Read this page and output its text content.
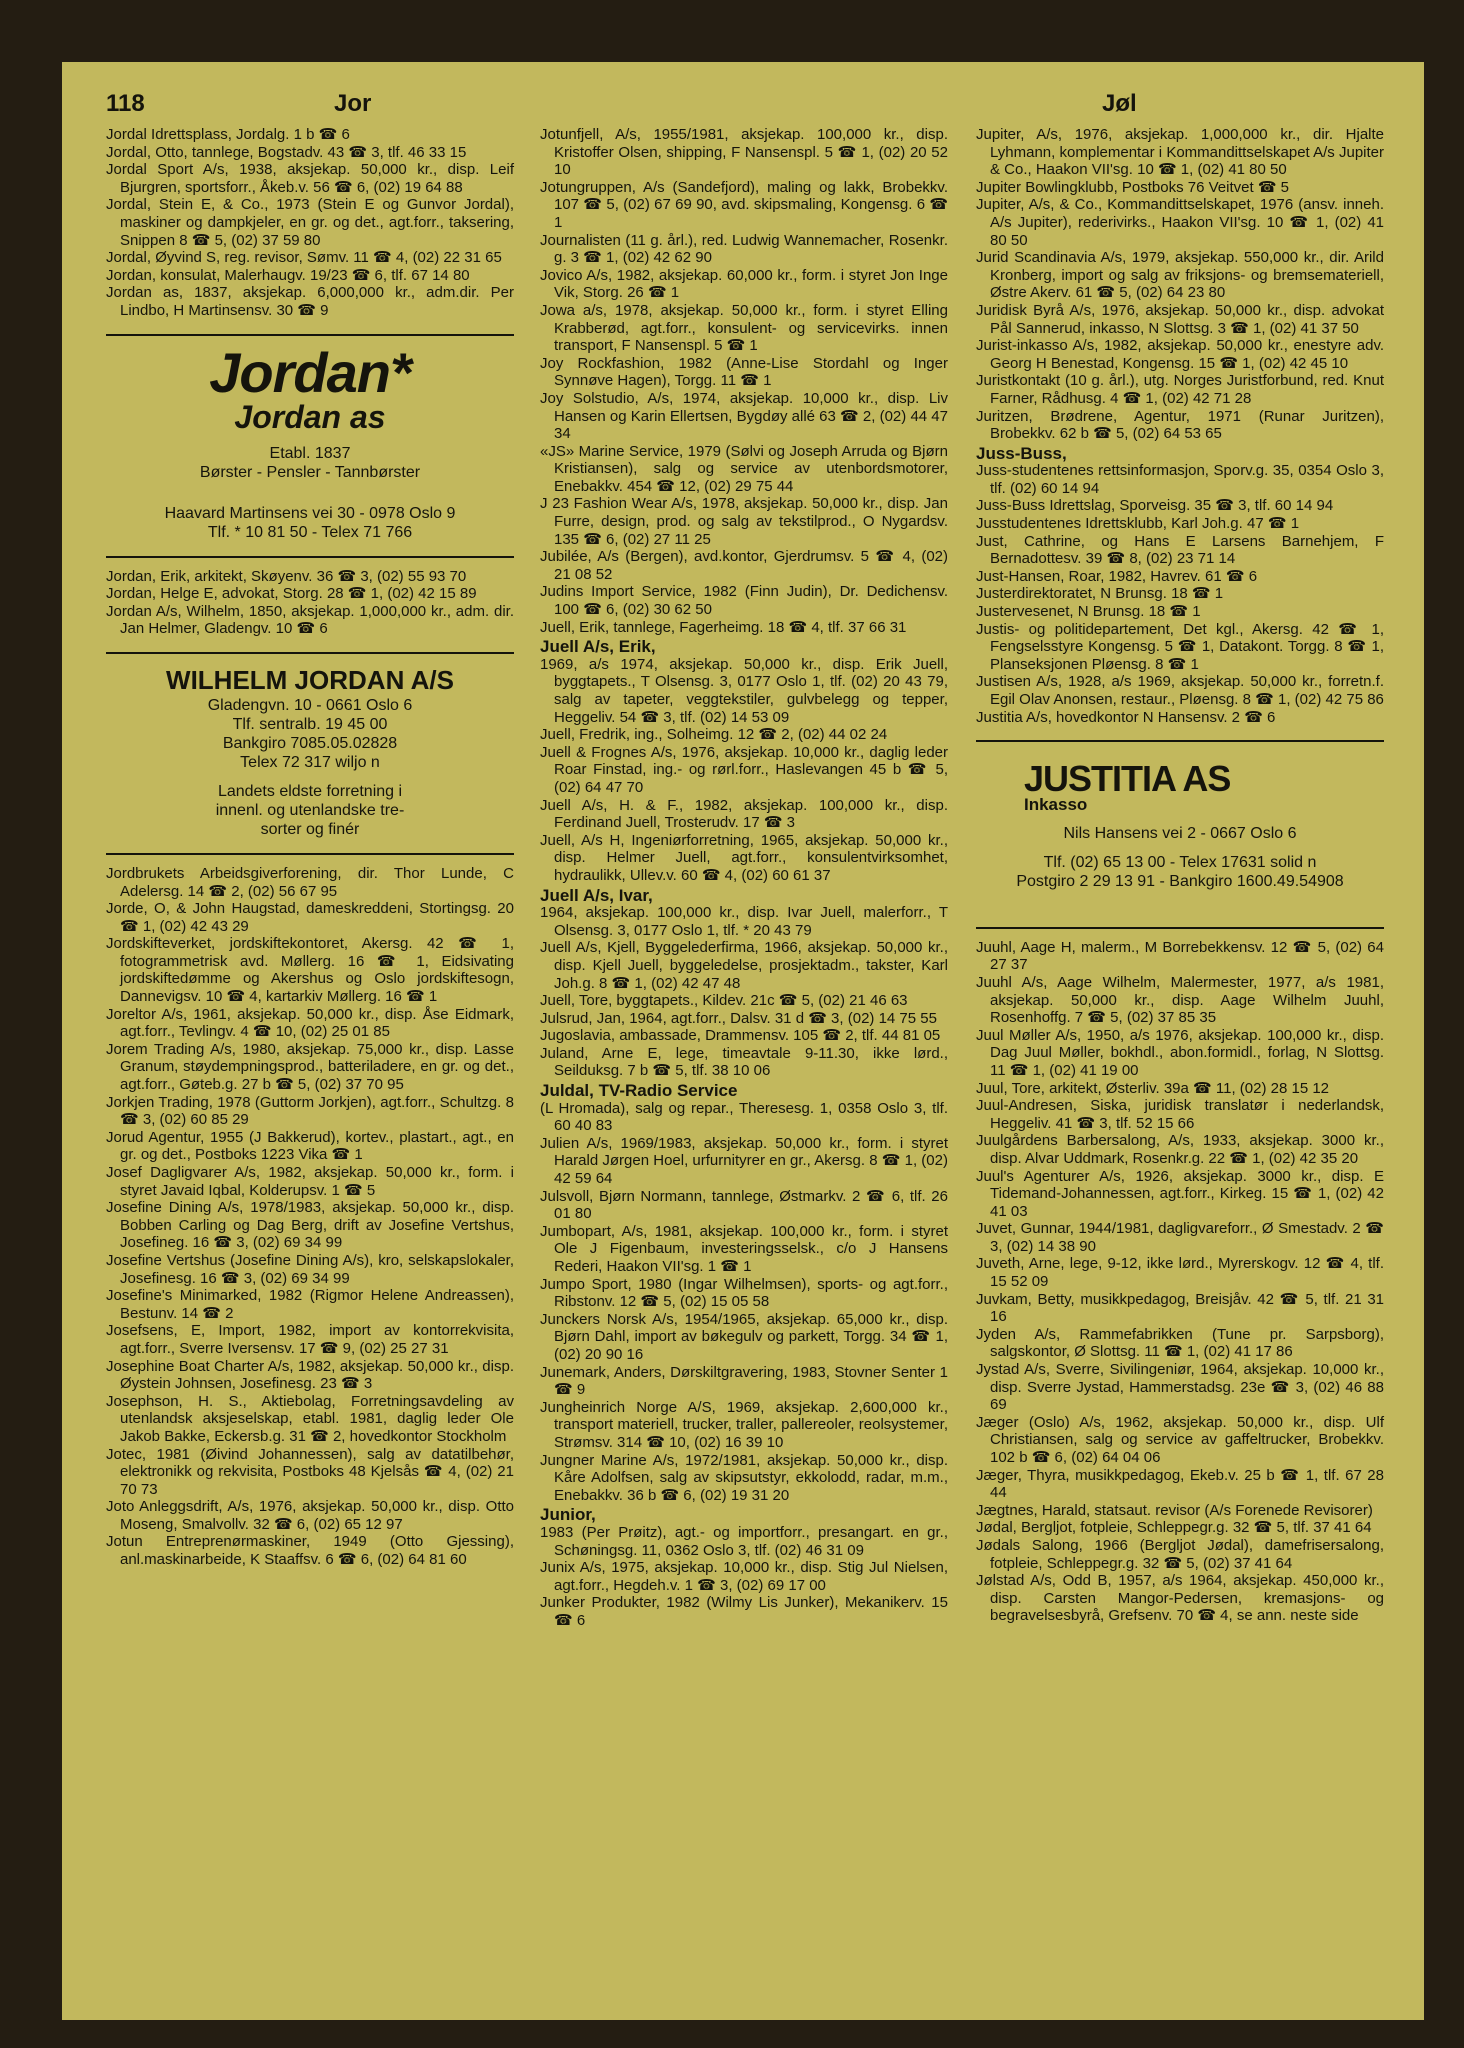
118	Jor	Jøl

Jordal Idrettsplass, Jordalg. 1 b ☎ 6

Jordal, Otto, tannlege, Bogstadv. 43 ☎ 3, tlf. 46 33 15

Jordal Sport A/s, 1938, aksjekap. 50,000 kr., disp. Leif Bjurgren, sportsforr., Åkeb.v. 56 ☎ 6, (02) 19 64 88

Jordal, Stein E, & Co., 1973 (Stein E og Gunvor Jordal), maskiner og dampkjeler, en gr. og det., agt.forr., taksering, Snippen 8 ☎ 5, (02) 37 59 80

Jordal, Øyvind S, reg. revisor, Sømv. 11 ☎ 4, (02) 22 31 65

Jordan, konsulat, Malerhaugv. 19/23 ☎ 6, tlf. 67 14 80

Jordan as, 1837, aksjekap. 6,000,000 kr., adm.dir. Per Lindbo, H Martinsensv. 30 ☎ 9

Jordan*
Jordan as
Etabl. 1837
Børster - Pensler - Tannbørster
Haavard Martinsens vei 30 - 0978 Oslo 9
Tlf. * 10 81 50 - Telex 71 766

Jordan, Erik, arkitekt, Skøyenv. 36 ☎ 3, (02) 55 93 70

Jordan, Helge E, advokat, Storg. 28 ☎ 1, (02) 42 15 89

Jordan A/s, Wilhelm, 1850, aksjekap. 1,000,000 kr., adm. dir. Jan Helmer, Gladengv. 10 ☎ 6

WILHELM JORDAN A/S
Gladengvn. 10 - 0661 Oslo 6
Tlf. sentralb. 19 45 00
Bankgiro 7085.05.02828
Telex 72 317 wiljo n
Landets eldste forretning i
innenl. og utenlandske tre-
sorter og finér

Jordbrukets Arbeidsgiverforening, dir. Thor Lunde, C Adelersg. 14 ☎ 2, (02) 56 67 95

Jorde, O, & John Haugstad, dameskreddeni, Stortingsg. 20 ☎ 1, (02) 42 43 29

Jordskifteverket, jordskiftekontoret, Akersg. 42 ☎ 1, fotogrammetrisk avd. Møllerg. 16 ☎ 1, Eidsivating jordskiftedømme og Akershus og Oslo jordskiftesogn, Dannevigsv. 10 ☎ 4, kartarkiv Møllerg. 16 ☎ 1

Joreltor A/s, 1961, aksjekap. 50,000 kr., disp. Åse Eidmark, agt.forr., Tevlingv. 4 ☎ 10, (02) 25 01 85

Jorem Trading A/s, 1980, aksjekap. 75,000 kr., disp. Lasse Granum, støydempningsprod., batteriladere, en gr. og det., agt.forr., Gøteb.g. 27 b ☎ 5, (02) 37 70 95

Jorkjen Trading, 1978 (Guttorm Jorkjen), agt.forr., Schultzg. 8 ☎ 3, (02) 60 85 29

Jorud Agentur, 1955 (J Bakkerud), kortev., plastart., agt., en gr. og det., Postboks 1223 Vika ☎ 1

Josef Dagligvarer A/s, 1982, aksjekap. 50,000 kr., form. i styret Javaid Iqbal, Kolderupsv. 1 ☎ 5

Josefine Dining A/s, 1978/1983, aksjekap. 50,000 kr., disp. Bobben Carling og Dag Berg, drift av Josefine Vertshus, Josefineg. 16 ☎ 3, (02) 69 34 99

Josefine Vertshus (Josefine Dining A/s), kro, selskapslokaler, Josefinesg. 16 ☎ 3, (02) 69 34 99

Josefine's Minimarked, 1982 (Rigmor Helene Andreassen), Bestunv. 14 ☎ 2

Josefsens, E, Import, 1982, import av kontorrekvisita, agt.forr., Sverre Iversensv. 17 ☎ 9, (02) 25 27 31

Josephine Boat Charter A/s, 1982, aksjekap. 50,000 kr., disp. Øystein Johnsen, Josefinesg. 23 ☎ 3

Josephson, H. S., Aktiebolag, Forretningsavdeling av utenlandsk aksjeselskap, etabl. 1981, daglig leder Ole Jakob Bakke, Eckersb.g. 31 ☎ 2, hovedkontor Stockholm

Jotec, 1981 (Øivind Johannessen), salg av datatilbehør, elektronikk og rekvisita, Postboks 48 Kjelsås ☎ 4, (02) 21 70 73

Joto Anleggsdrift, A/s, 1976, aksjekap. 50,000 kr., disp. Otto Moseng, Smalvollv. 32 ☎ 6, (02) 65 12 97

Jotun Entreprenørmaskiner, 1949 (Otto Gjessing), anl.maskinarbeide, K Staaffsv. 6 ☎ 6, (02) 64 81 60

Jotunfjell, A/s, 1955/1981, aksjekap. 100,000 kr., disp. Kristoffer Olsen, shipping, F Nansenspl. 5 ☎ 1, (02) 20 52 10

Jotungruppen, A/s (Sandefjord), maling og lakk, Brobekkv. 107 ☎ 5, (02) 67 69 90, avd. skipsmaling, Kongensg. 6 ☎ 1

Journalisten (11 g. årl.), red. Ludwig Wannemacher, Rosenkr. g. 3 ☎ 1, (02) 42 62 90

Jovico A/s, 1982, aksjekap. 60,000 kr., form. i styret Jon Inge Vik, Storg. 26 ☎ 1

Jowa a/s, 1978, aksjekap. 50,000 kr., form. i styret Elling Krabberød, agt.forr., konsulent- og servicevirks. innen transport, F Nansenspl. 5 ☎ 1

Joy Rockfashion, 1982 (Anne-Lise Stordahl og Inger Synnøve Hagen), Torgg. 11 ☎ 1

Joy Solstudio, A/s, 1974, aksjekap. 10,000 kr., disp. Liv Hansen og Karin Ellertsen, Bygdøy allé 63 ☎ 2, (02) 44 47 34

«JS» Marine Service, 1979 (Sølvi og Joseph Arruda og Bjørn Kristiansen), salg og service av utenbordsmotorer, Enebakkv. 454 ☎ 12, (02) 29 75 44

J 23 Fashion Wear A/s, 1978, aksjekap. 50,000 kr., disp. Jan Furre, design, prod. og salg av tekstilprod., O Nygardsv. 135 ☎ 6, (02) 27 11 25

Jubilée, A/s (Bergen), avd.kontor, Gjerdrumsv. 5 ☎ 4, (02) 21 08 52

Judins Import Service, 1982 (Finn Judin), Dr. Dedichensv. 100 ☎ 6, (02) 30 62 50

Juell, Erik, tannlege, Fagerheimg. 18 ☎ 4, tlf. 37 66 31

Juell A/s, Erik,

1969, a/s 1974, aksjekap. 50,000 kr., disp. Erik Juell, byggtapets., T Olsensg. 3, 0177 Oslo 1, tlf. (02) 20 43 79, salg av tapeter, veggtekstiler, gulvbelegg og tepper, Heggeliv. 54 ☎ 3, tlf. (02) 14 53 09

Juell, Fredrik, ing., Solheimg. 12 ☎ 2, (02) 44 02 24

Juell & Frognes A/s, 1976, aksjekap. 10,000 kr., daglig leder Roar Finstad, ing.- og rørl.forr., Haslevangen 45 b ☎ 5, (02) 64 47 70

Juell A/s, H. & F., 1982, aksjekap. 100,000 kr., disp. Ferdinand Juell, Trosterudv. 17 ☎ 3

Juell, A/s H, Ingeniørforretning, 1965, aksjekap. 50,000 kr., disp. Helmer Juell, agt.forr., konsulentvirksomhet, hydraulikk, Ullev.v. 60 ☎ 4, (02) 60 61 37

Juell A/s, Ivar,

1964, aksjekap. 100,000 kr., disp. Ivar Juell, malerforr., T Olsensg. 3, 0177 Oslo 1, tlf. * 20 43 79

Juell A/s, Kjell, Byggelederfirma, 1966, aksjekap. 50,000 kr., disp. Kjell Juell, byggeledelse, prosjektadm., takster, Karl Joh.g. 8 ☎ 1, (02) 42 47 48

Juell, Tore, byggtapets., Kildev. 21c ☎ 5, (02) 21 46 63

Julsrud, Jan, 1964, agt.forr., Dalsv. 31 d ☎ 3, (02) 14 75 55

Jugoslavia, ambassade, Drammensv. 105 ☎ 2, tlf. 44 81 05

Juland, Arne E, lege, timeavtale 9-11.30, ikke lørd., Seilduksg. 7 b ☎ 5, tlf. 38 10 06

Juldal, TV-Radio Service

(L Hromada), salg og repar., Theresesg. 1, 0358 Oslo 3, tlf. 60 40 83

Julien A/s, 1969/1983, aksjekap. 50,000 kr., form. i styret Harald Jørgen Hoel, urfurnityrer en gr., Akersg. 8 ☎ 1, (02) 42 59 64

Julsvoll, Bjørn Normann, tannlege, Østmarkv. 2 ☎ 6, tlf. 26 01 80

Jumbopart, A/s, 1981, aksjekap. 100,000 kr., form. i styret Ole J Figenbaum, investeringsselsk., c/o J Hansens Rederi, Haakon VII'sg. 1 ☎ 1

Jumpo Sport, 1980 (Ingar Wilhelmsen), sports- og agt.forr., Ribstonv. 12 ☎ 5, (02) 15 05 58

Junckers Norsk A/s, 1954/1965, aksjekap. 65,000 kr., disp. Bjørn Dahl, import av bøkegulv og parkett, Torgg. 34 ☎ 1, (02) 20 90 16

Junemark, Anders, Dørskiltgravering, 1983, Stovner Senter 1 ☎ 9

Jungheinrich Norge A/S, 1969, aksjekap. 2,600,000 kr., transport materiell, trucker, traller, pallereoler, reolsystemer, Strømsv. 314 ☎ 10, (02) 16 39 10

Jungner Marine A/s, 1972/1981, aksjekap. 50,000 kr., disp. Kåre Adolfsen, salg av skipsutstyr, ekkolodd, radar, m.m., Enebakkv. 36 b ☎ 6, (02) 19 31 20

Junior,

1983 (Per Prøitz), agt.- og importforr., presangart. en gr., Schøningsg. 11, 0362 Oslo 3, tlf. (02) 46 31 09

Junix A/s, 1975, aksjekap. 10,000 kr., disp. Stig Jul Nielsen, agt.forr., Hegdeh.v. 1 ☎ 3, (02) 69 17 00

Junker Produkter, 1982 (Wilmy Lis Junker), Mekanikerv. 15 ☎ 6

Jupiter, A/s, 1976, aksjekap. 1,000,000 kr., dir. Hjalte Lyhmann, komplementar i Kommandittselskapet A/s Jupiter & Co., Haakon VII'sg. 10 ☎ 1, (02) 41 80 50

Jupiter Bowlingklubb, Postboks 76 Veitvet ☎ 5

Jupiter, A/s, & Co., Kommandittselskapet, 1976 (ansv. inneh. A/s Jupiter), rederivirks., Haakon VII'sg. 10 ☎ 1, (02) 41 80 50

Jurid Scandinavia A/s, 1979, aksjekap. 550,000 kr., dir. Arild Kronberg, import og salg av friksjons- og bremsemateriell, Østre Akerv. 61 ☎ 5, (02) 64 23 80

Juridisk Byrå A/s, 1976, aksjekap. 50,000 kr., disp. advokat Pål Sannerud, inkasso, N Slottsg. 3 ☎ 1, (02) 41 37 50

Jurist-inkasso A/s, 1982, aksjekap. 50,000 kr., enestyre adv. Georg H Benestad, Kongensg. 15 ☎ 1, (02) 42 45 10

Juristkontakt (10 g. årl.), utg. Norges Juristforbund, red. Knut Farner, Rådhusg. 4 ☎ 1, (02) 42 71 28

Juritzen, Brødrene, Agentur, 1971 (Runar Juritzen), Brobekkv. 62 b ☎ 5, (02) 64 53 65

Juss-Buss,

Juss-studentenes rettsinformasjon, Sporv.g. 35, 0354 Oslo 3, tlf. (02) 60 14 94

Juss-Buss Idrettslag, Sporveisg. 35 ☎ 3, tlf. 60 14 94

Jusstudentenes Idrettsklubb, Karl Joh.g. 47 ☎ 1

Just, Cathrine, og Hans E Larsens Barnehjem, F Bernadottesv. 39 ☎ 8, (02) 23 71 14

Just-Hansen, Roar, 1982, Havrev. 61 ☎ 6

Justerdirektoratet, N Brunsg. 18 ☎ 1

Justervesenet, N Brunsg. 18 ☎ 1

Justis- og politidepartement, Det kgl., Akersg. 42 ☎ 1, Fengselsstyre Kongensg. 5 ☎ 1, Datakont. Torgg. 8 ☎ 1, Planseksjonen Pløensg. 8 ☎ 1

Justisen A/s, 1928, a/s 1969, aksjekap. 50,000 kr., forretn.f. Egil Olav Anonsen, restaur., Pløensg. 8 ☎ 1, (02) 42 75 86

Justitia A/s, hovedkontor N Hansensv. 2 ☎ 6

JUSTITIA AS
Inkasso
Nils Hansens vei 2 - 0667 Oslo 6
Tlf. (02) 65 13 00 - Telex 17631 solid n
Postgiro 2 29 13 91 - Bankgiro 1600.49.54908

Juuhl, Aage H, malerm., M Borrebekkensv. 12 ☎ 5, (02) 64 27 37

Juuhl A/s, Aage Wilhelm, Malermester, 1977, a/s 1981, aksjekap. 50,000 kr., disp. Aage Wilhelm Juuhl, Rosenhoffg. 7 ☎ 5, (02) 37 85 35

Juul Møller A/s, 1950, a/s 1976, aksjekap. 100,000 kr., disp. Dag Juul Møller, bokhdl., abon.formidl., forlag, N Slottsg. 11 ☎ 1, (02) 41 19 00

Juul, Tore, arkitekt, Østerliv. 39a ☎ 11, (02) 28 15 12

Juul-Andresen, Siska, juridisk translatør i nederlandsk, Heggeliv. 41 ☎ 3, tlf. 52 15 66

Juulgårdens Barbersalong, A/s, 1933, aksjekap. 3000 kr., disp. Alvar Uddmark, Rosenkr.g. 22 ☎ 1, (02) 42 35 20

Juul's Agenturer A/s, 1926, aksjekap. 3000 kr., disp. E Tidemand-Johannessen, agt.forr., Kirkeg. 15 ☎ 1, (02) 42 41 03

Juvet, Gunnar, 1944/1981, dagligvareforr., Ø Smestadv. 2 ☎ 3, (02) 14 38 90

Juveth, Arne, lege, 9-12, ikke lørd., Myrerskogv. 12 ☎ 4, tlf. 15 52 09

Juvkam, Betty, musikkpedagog, Breisjåv. 42 ☎ 5, tlf. 21 31 16

Jyden A/s, Rammefabrikken (Tune pr. Sarpsborg), salgskontor, Ø Slottsg. 11 ☎ 1, (02) 41 17 86

Jystad A/s, Sverre, Sivilingeniør, 1964, aksjekap. 10,000 kr., disp. Sverre Jystad, Hammerstadsg. 23e ☎ 3, (02) 46 88 69

Jæger (Oslo) A/s, 1962, aksjekap. 50,000 kr., disp. Ulf Christiansen, salg og service av gaffeltrucker, Brobekkv. 102 b ☎ 6, (02) 64 04 06

Jæger, Thyra, musikkpedagog, Ekeb.v. 25 b ☎ 1, tlf. 67 28 44

Jægtnes, Harald, statsaut. revisor (A/s Forenede Revisorer)

Jødal, Bergljot, fotpleie, Schleppegr.g. 32 ☎ 5, tlf. 37 41 64

Jødals Salong, 1966 (Bergljot Jødal), damefrisersalong, fotpleie, Schleppegr.g. 32 ☎ 5, (02) 37 41 64

Jølstad A/s, Odd B, 1957, a/s 1964, aksjekap. 450,000 kr., disp. Carsten Mangor-Pedersen, kremasjons- og begravelsesbyrå, Grefsenv. 70 ☎ 4, se ann. neste side
